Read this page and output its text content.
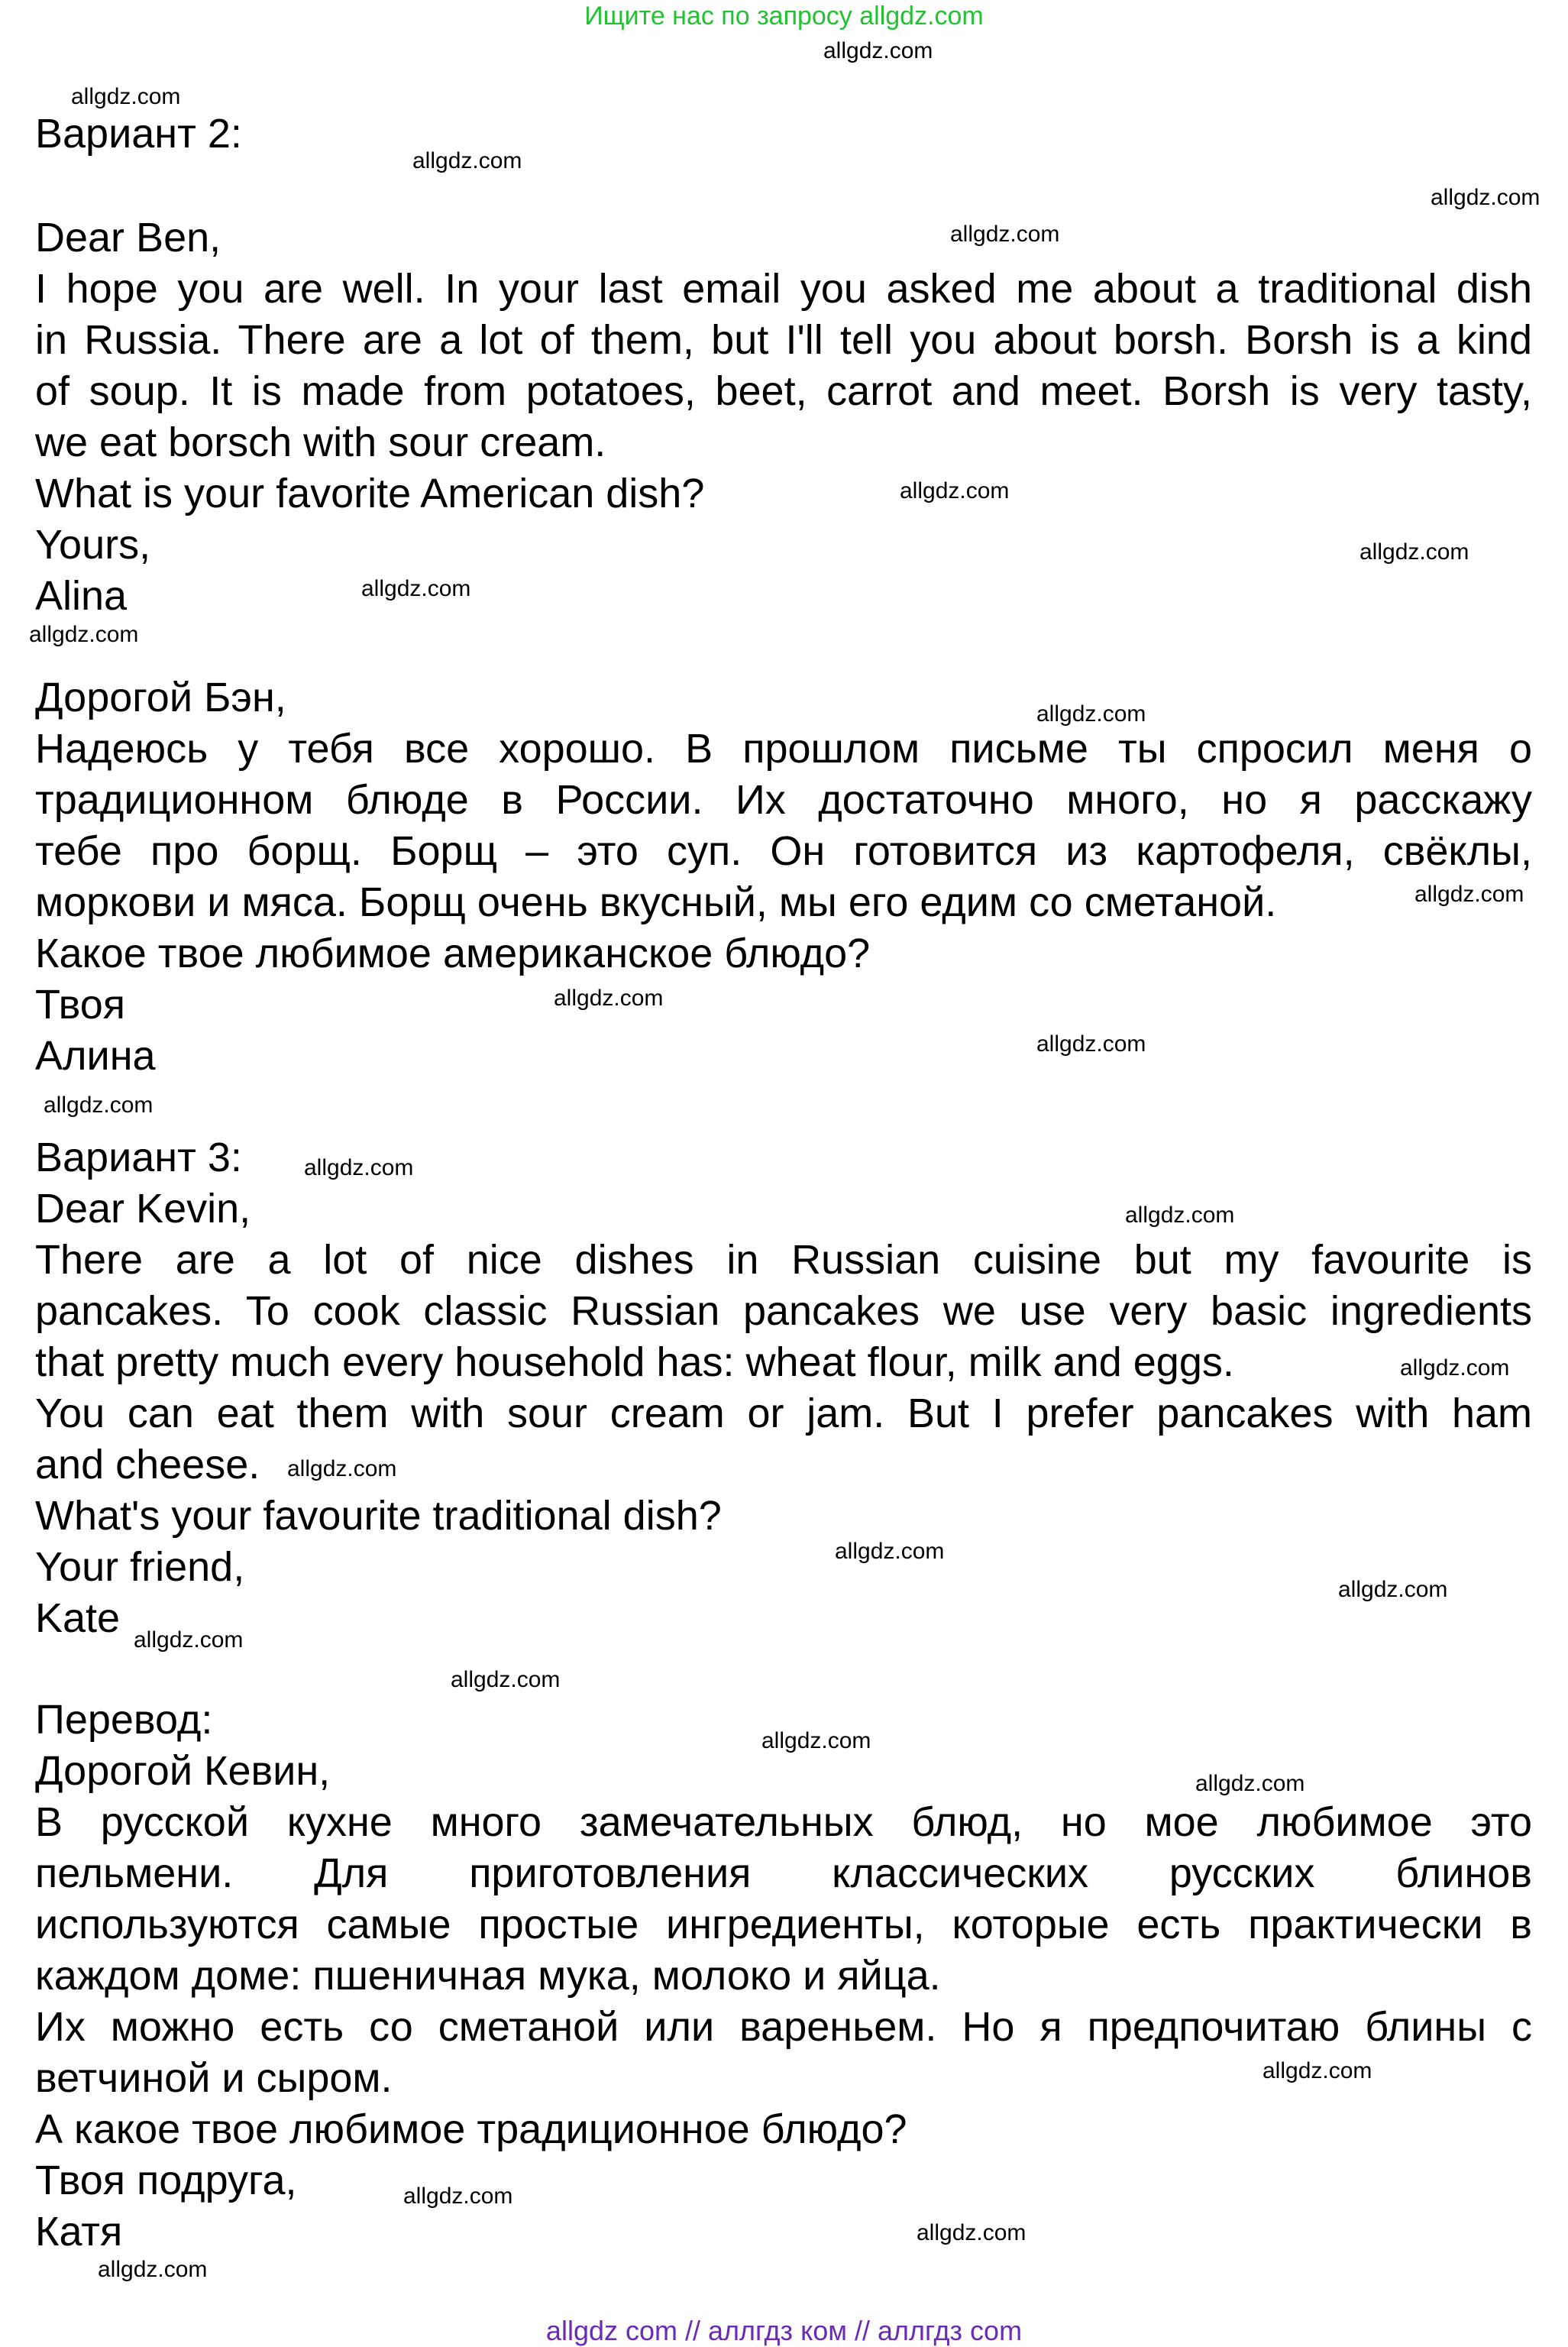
Ищите нас по запросу allgdz.com
Вариант 2:
Dear Ben,
I hope you are well. In your last email you asked me about a traditional dish
in Russia. There are a lot of them, but I'll tell you about borsh. Borsh is a kind
of soup. It is made from potatoes, beet, carrot and meet. Borsh is very tasty,
we eat borsch with sour cream.
What is your favorite American dish?
Yours,
Alina
Дорогой Бэн,
Надеюсь у тебя все хорошо. В прошлом письме ты спросил меня о
традиционном блюде в России. Их достаточно много, но я расскажу
тебе про борщ. Борщ – это суп. Он готовится из картофеля, свёклы,
моркови и мяса. Борщ очень вкусный, мы его едим со сметаной.
Какое твое любимое американское блюдо?
Твоя
Алина
Вариант 3:
Dear Kevin,
There are a lot of nice dishes in Russian cuisine but my favourite is
pancakes. To cook classic Russian pancakes we use very basic ingredients
that pretty much every household has: wheat flour, milk and eggs.
You can eat them with sour cream or jam. But I prefer pancakes with ham
and cheese.
What's your favourite traditional dish?
Your friend,
Kate
Перевод:
Дорогой Кевин,
В русской кухне много замечательных блюд, но мое любимое это
пельмени. Для приготовления классических русских блинов
используются самые простые ингредиенты, которые есть практически в
каждом доме: пшеничная мука, молоко и яйца.
Их можно есть со сметаной или вареньем. Но я предпочитаю блины с
ветчиной и сыром.
А какое твое любимое традиционное блюдо?
Твоя подруга,
Катя
allgdz.com
allgdz.com
allgdz.com
allgdz.com
allgdz.com
allgdz.com
allgdz.com
allgdz.com
allgdz.com
allgdz.com
allgdz.com
allgdz.com
allgdz.com
allgdz.com
allgdz.com
allgdz.com
allgdz.com
allgdz.com
allgdz.com
allgdz.com
allgdz.com
allgdz.com
allgdz.com
allgdz.com
allgdz.com
allgdz.com
allgdz.com
allgdz.com
allgdz com // аллгдз ком // аллгдз com
